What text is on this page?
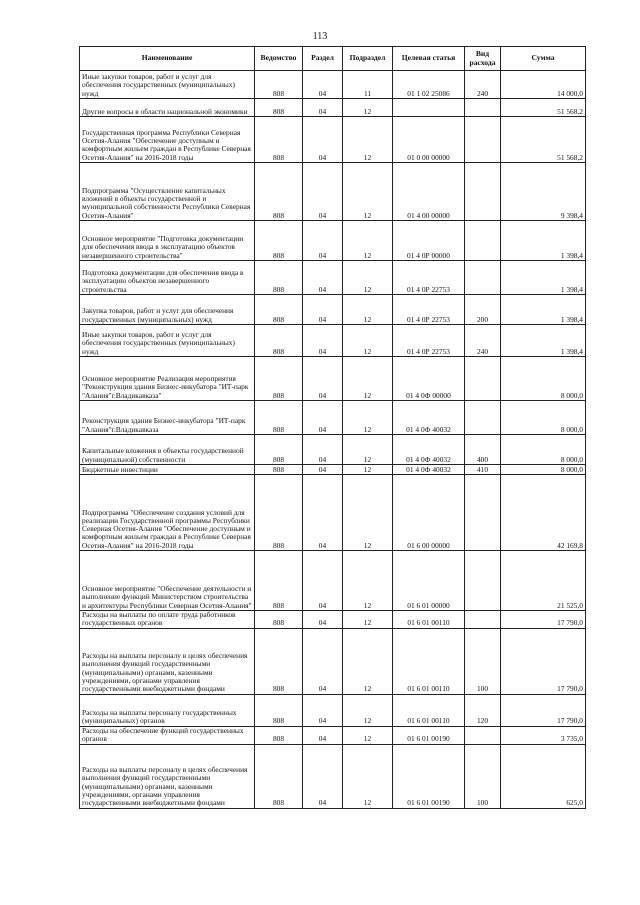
113
Наименование	Ведомство	Раздел	Подраздел	Целевая статья	Вид расхода	Сумма
Иные закупки товаров, работ и услуг для обеспечения государственных (муниципальных) нужд	808	04	11	01 1 02 25086	240	14 000,0
Другие вопросы в области национальной экономики	808	04	12			51 568,2
Государственная программа Республики Северная Осетия-Алания "Обеспечение доступным и комфортным жильем граждан в Республике Северная Осетия-Алания" на 2016-2018 годы	808	04	12	01 0 00 00000		51 568,2
Подпрограмма "Осуществление капитальных вложений в объекты государственной и муниципальной собственности Республики Северная Осетия-Алания"	808	04	12	01 4 00 00000		9 398,4
Основное мероприятие "Подготовка документации для обеспечения ввода в эксплуатацию объектов незавершенного строительства"	808	04	12	01 4 0Р 00000		1 398,4
Подготовка документации для обеспечения ввода в эксплуатацию объектов незавершенного строительства	808	04	12	01 4 0Р 22753		1 398,4
Закупка товаров, работ и услуг для обеспечения государственных (муниципальных) нужд	808	04	12	01 4 0Р 22753	200	1 398,4
Иные закупки товаров, работ и услуг для обеспечения государственных (муниципальных) нужд	808	04	12	01 4 0Р 22753	240	1 398,4
Основное мероприятие Реализация мероприятия "Реконструкция здания Бизнес-инкубатора "ИТ-парк "Алания"г.Владикавказа"	808	04	12	01 4 0Ф 00000		8 000,0
Реконструкция здания Бизнес-инкубатора "ИТ-парк "Алания"г.Владикавказа	808	04	12	01 4 0Ф 40032		8 000,0
Капитальные вложения в объекты государственной (муниципальной) собственности	808	04	12	01 4 0Ф 40032	400	8 000,0
Бюджетные инвестиции	808	04	12	01 4 0Ф 40032	410	8 000,0
Подпрограмма "Обеспечение создания условий для реализации Государственной программы Республики Северная Осетия-Алания "Обеспечение доступным и комфортным жильем граждан в Республике Северная Осетия-Алания" на 2016-2018 годы	808	04	12	01 6 00 00000		42 169,8
Основное мероприятие "Обеспечение деятельности и выполнение функций Министерством строительства и архитектуры Республики Северная Осетия-Алания"	808	04	12	01 6 01 00000		21 525,0
Расходы на выплаты по оплате труда работников государственных органов	808	04	12	01 6 01 00110		17 790,0
Расходы на выплаты персоналу в целях обеспечения выполнения функций государственными (муниципальными) органами, казенными учреждениями, органами управления государственными внебюджетными фондами	808	04	12	01 6 01 00110	100	17 790,0
Расходы на выплаты персоналу государственных (муниципальных) органов	808	04	12	01 6 01 00110	120	17 790,0
Расходы на обеспечение функций государственных органов	808	04	12	01 6 01 00190		3 735,0
Расходы на выплаты персоналу в целях обеспечения выполнения функций государственными (муниципальными) органами, казенными учреждениями, органами управления государственными внебюджетными фондами	808	04	12	01 6 01 00190	100	625,0
